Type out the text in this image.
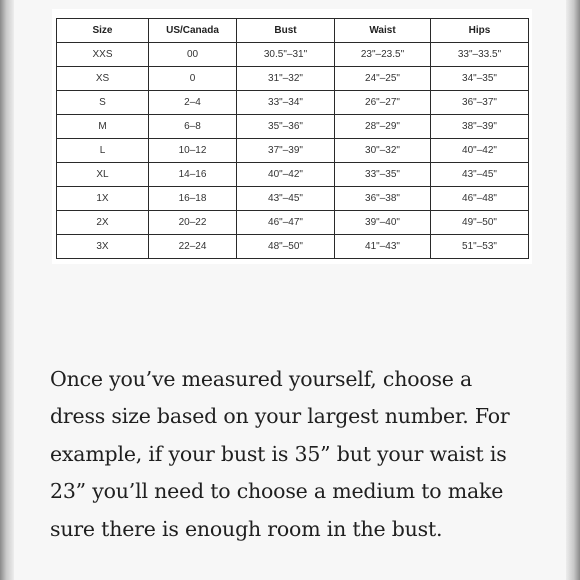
Size	US/Canada	Bust	Waist	Hips
XXS	00	30.5"–31"	23"–23.5"	33"–33.5"
XS	0	31"–32"	24"–25"	34"–35"
S	2–4	33"–34"	26"–27"	36"–37"
M	6–8	35"–36"	28"–29"	38"–39"
L	10–12	37"–39"	30"–32"	40"–42"
XL	14–16	40"–42"	33"–35"	43"–45"
1X	16–18	43"–45"	36"–38"	46"–48"
2X	20–22	46"–47"	39"–40"	49"–50"
3X	22–24	48"–50"	41"–43"	51"–53"

Once you’ve measured yourself, choose a
dress size based on your largest number. For
example, if your bust is 35” but your waist is
23” you’ll need to choose a medium to make
sure there is enough room in the bust.
